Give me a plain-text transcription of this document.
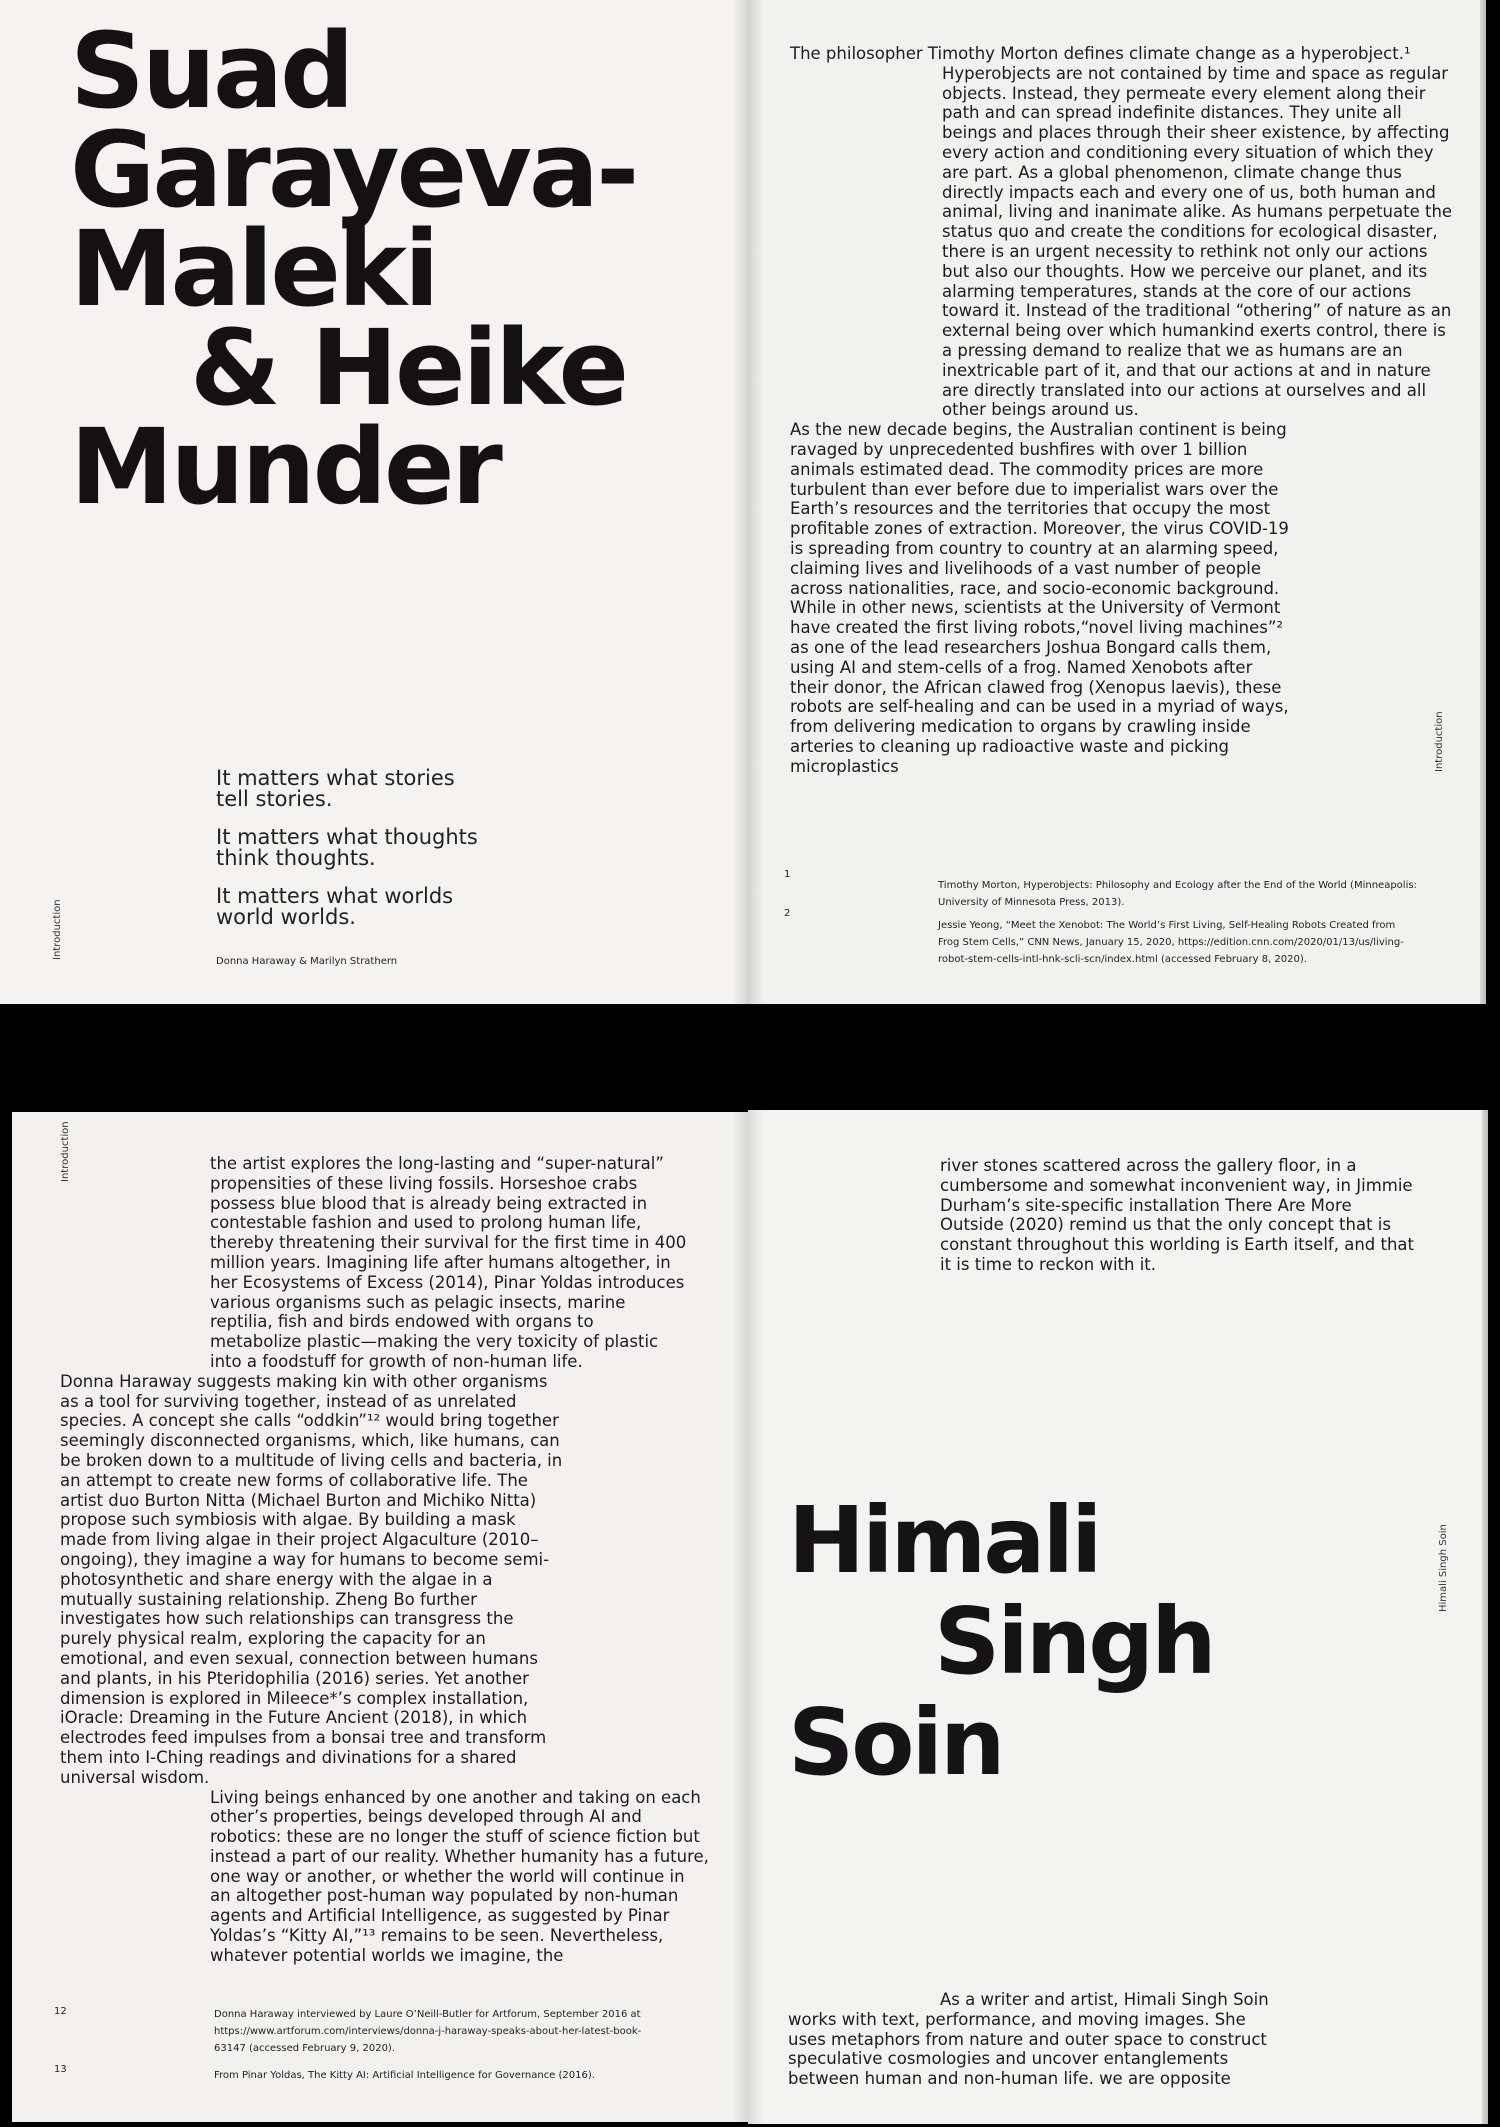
Suad
Garayeva-
Maleki
& Heike
Munder

It matters what stories
tell stories.

It matters what thoughts
think thoughts.

It matters what worlds
world worlds.

Donna Haraway & Marilyn Strathern
Introduction

The philosopher Timothy Morton defines climate change as a hyperobject.¹ Hyperobjects are not contained by time and space as regular objects. Instead, they permeate every element along their path and can spread indefinite distances. They unite all beings and places through their sheer existence, by affecting every action and conditioning every situation of which they are part. As a global phenomenon, climate change thus directly impacts each and every one of us, both human and animal, living and inanimate alike. As humans perpetuate the status quo and create the conditions for ecological disaster, there is an urgent necessity to rethink not only our actions but also our thoughts. How we perceive our planet, and its alarming temperatures, stands at the core of our actions toward it. Instead of the traditional “othering” of nature as an external being over which humankind exerts control, there is a pressing demand to realize that we as humans are an inextricable part of it, and that our actions at and in nature are directly translated into our actions at ourselves and all other beings around us.

As the new decade begins, the Australian continent is being ravaged by unprecedented bushfires with over 1 billion animals estimated dead. The commodity prices are more turbulent than ever before due to imperialist wars over the Earth’s resources and the territories that occupy the most profitable zones of extraction. Moreover, the virus COVID-19 is spreading from country to country at an alarming speed, claiming lives and livelihoods of a vast number of people across nationalities, race, and socio-economic background. While in other news, scientists at the University of Vermont have created the first living robots,“novel living machines”² as one of the lead researchers Joshua Bongard calls them, using AI and stem-cells of a frog. Named Xenobots after their donor, the African clawed frog (Xenopus laevis), these robots are self-healing and can be used in a myriad of ways, from delivering medication to organs by crawling inside arteries to cleaning up radioactive waste and picking microplastics

1
2

Timothy Morton, Hyperobjects: Philosophy and Ecology after the End of the World (Minneapolis: University of Minnesota Press, 2013).

Jessie Yeong, “Meet the Xenobot: The World’s First Living, Self-Healing Robots Created from Frog Stem Cells,” CNN News, January 15, 2020, https://edition.cnn.com/2020/01/13/us/living-robot-stem-cells-intl-hnk-scli-scn/index.html (accessed February 8, 2020).

Introduction
Introduction	the artist explores the long-lasting and “super-natural” propensities of these living fossils. Horseshoe crabs possess blue blood that is already being extracted in contestable fashion and used to prolong human life, thereby threatening their survival for the first time in 400 million years. Imagining life after humans altogether, in her Ecosystems of Excess (2014), Pinar Yoldas introduces various organisms such as pelagic insects, marine reptilia, fish and birds endowed with organs to metabolize plastic—making the very toxicity of plastic into a foodstuff for growth of non-human life.

Donna Haraway suggests making kin with other organisms as a tool for surviving together, instead of as unrelated species. A concept she calls “oddkin”¹² would bring together seemingly disconnected organisms, which, like humans, can be broken down to a multitude of living cells and bacteria, in an attempt to create new forms of collaborative life. The artist duo Burton Nitta (Michael Burton and Michiko Nitta) propose such symbiosis with algae. By building a mask made from living algae in their project Algaculture (2010–ongoing), they imagine a way for humans to become semi-photosynthetic and share energy with the algae in a mutually sustaining relationship. Zheng Bo further investigates how such relationships can transgress the purely physical realm, exploring the capacity for an emotional, and even sexual, connection between humans and plants, in his Pteridophilia (2016) series. Yet another dimension is explored in Mileece*’s complex installation, iOracle: Dreaming in the Future Ancient (2018), in which electrodes feed impulses from a bonsai tree and transform them into I-Ching readings and divinations for a shared universal wisdom.

Living beings enhanced by one another and taking on each other’s properties, beings developed through AI and robotics: these are no longer the stuff of science fiction but instead a part of our reality. Whether humanity has a future, one way or another, or whether the world will continue in an altogether post-human way populated by non-human agents and Artificial Intelligence, as suggested by Pinar Yoldas’s “Kitty AI,”¹³ remains to be seen. Nevertheless, whatever potential worlds we imagine, the

12
13

Donna Haraway interviewed by Laure O’Neill-Butler for Artforum, September 2016 at https://www.artforum.com/interviews/donna-j-haraway-speaks-about-her-latest-book-63147 (accessed February 9, 2020).

From Pinar Yoldas, The Kitty AI: Artificial Intelligence for Governance (2016).

river stones scattered across the gallery floor, in a cumbersome and somewhat inconvenient way, in Jimmie Durham’s site-specific installation There Are More Outside (2020) remind us that the only concept that is constant throughout this worlding is Earth itself, and that it is time to reckon with it.

Himali
Singh
Soin
Himali Singh Soin

As a writer and artist, Himali Singh Soin works with text, performance, and moving images. She uses metaphors from nature and outer space to construct speculative cosmologies and uncover entanglements between human and non-human life. we are opposite
